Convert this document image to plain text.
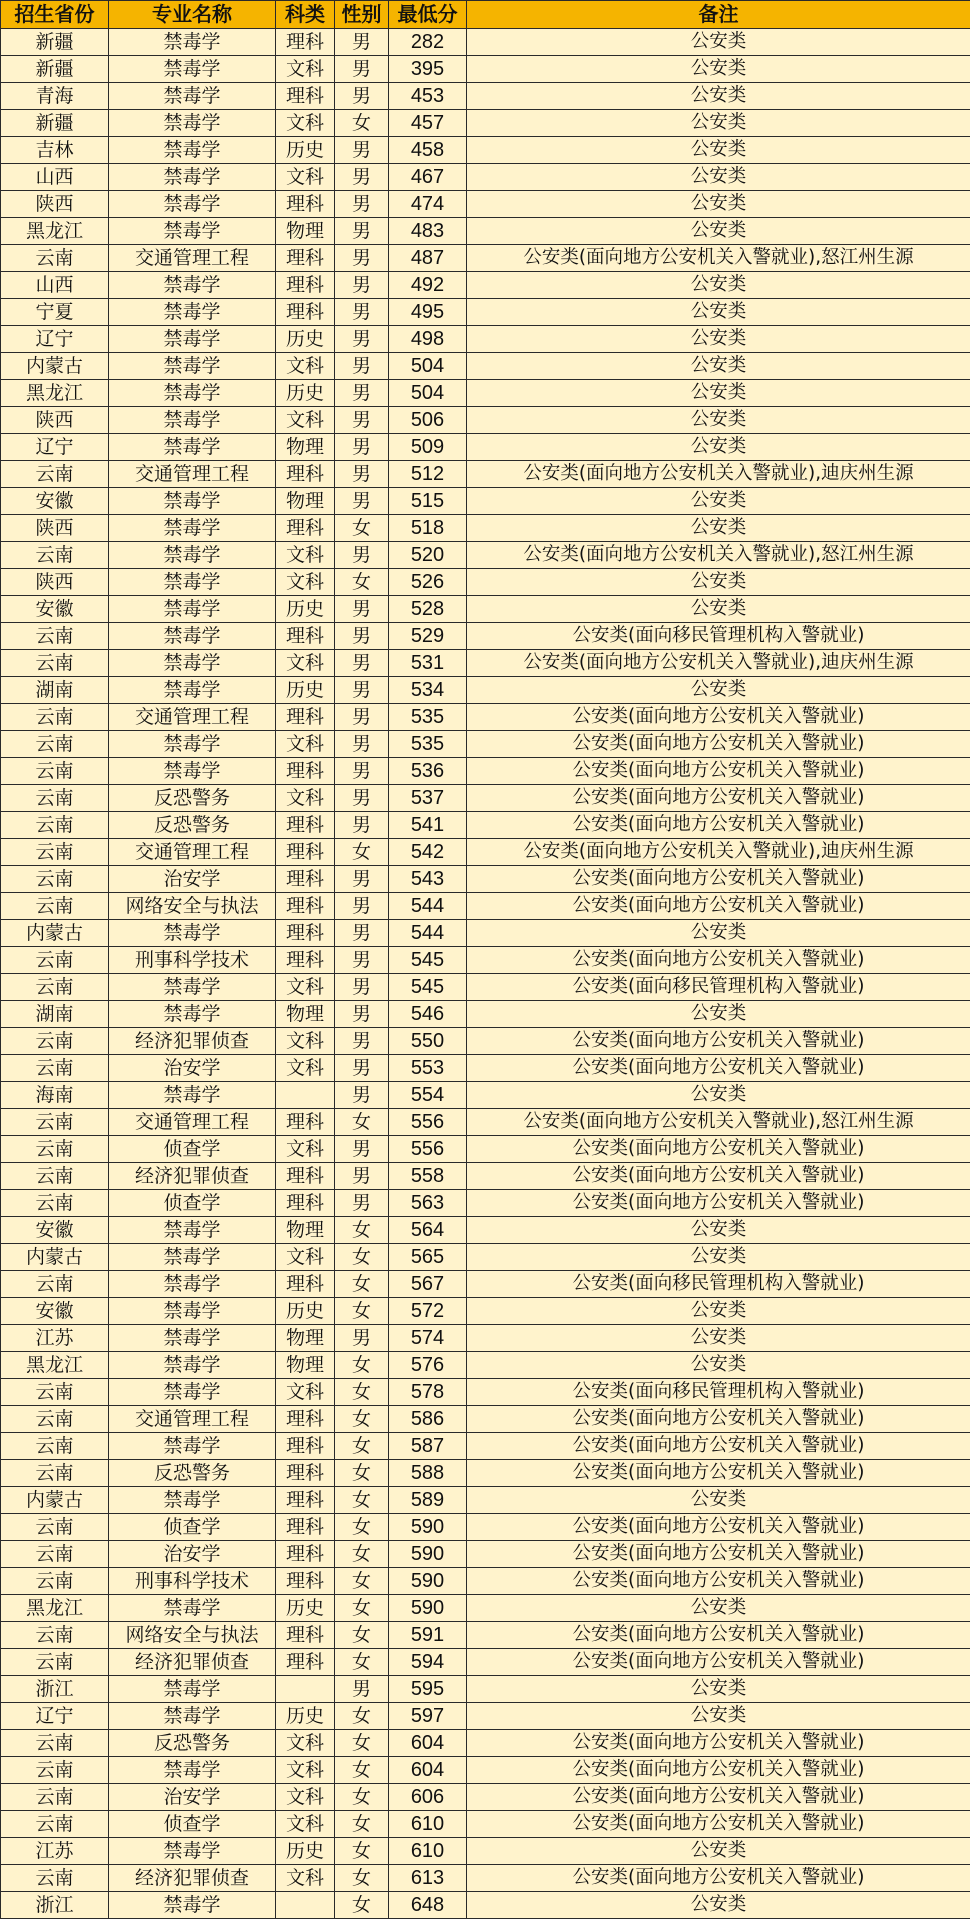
招生省份	专业名称	科类	性别	最低分	备注
新疆	禁毒学	理科	男	282	公安类
新疆	禁毒学	文科	男	395	公安类
青海	禁毒学	理科	男	453	公安类
新疆	禁毒学	文科	女	457	公安类
吉林	禁毒学	历史	男	458	公安类
山西	禁毒学	文科	男	467	公安类
陕西	禁毒学	理科	男	474	公安类
黑龙江	禁毒学	物理	男	483	公安类
云南	交通管理工程	理科	男	487	公安类(面向地方公安机关入警就业),怒江州生源
山西	禁毒学	理科	男	492	公安类
宁夏	禁毒学	理科	男	495	公安类
辽宁	禁毒学	历史	男	498	公安类
内蒙古	禁毒学	文科	男	504	公安类
黑龙江	禁毒学	历史	男	504	公安类
陕西	禁毒学	文科	男	506	公安类
辽宁	禁毒学	物理	男	509	公安类
云南	交通管理工程	理科	男	512	公安类(面向地方公安机关入警就业),迪庆州生源
安徽	禁毒学	物理	男	515	公安类
陕西	禁毒学	理科	女	518	公安类
云南	禁毒学	文科	男	520	公安类(面向地方公安机关入警就业),怒江州生源
陕西	禁毒学	文科	女	526	公安类
安徽	禁毒学	历史	男	528	公安类
云南	禁毒学	理科	男	529	公安类(面向移民管理机构入警就业)
云南	禁毒学	文科	男	531	公安类(面向地方公安机关入警就业),迪庆州生源
湖南	禁毒学	历史	男	534	公安类
云南	交通管理工程	理科	男	535	公安类(面向地方公安机关入警就业)
云南	禁毒学	文科	男	535	公安类(面向地方公安机关入警就业)
云南	禁毒学	理科	男	536	公安类(面向地方公安机关入警就业)
云南	反恐警务	文科	男	537	公安类(面向地方公安机关入警就业)
云南	反恐警务	理科	男	541	公安类(面向地方公安机关入警就业)
云南	交通管理工程	理科	女	542	公安类(面向地方公安机关入警就业),迪庆州生源
云南	治安学	理科	男	543	公安类(面向地方公安机关入警就业)
云南	网络安全与执法	理科	男	544	公安类(面向地方公安机关入警就业)
内蒙古	禁毒学	理科	男	544	公安类
云南	刑事科学技术	理科	男	545	公安类(面向地方公安机关入警就业)
云南	禁毒学	文科	男	545	公安类(面向移民管理机构入警就业)
湖南	禁毒学	物理	男	546	公安类
云南	经济犯罪侦查	文科	男	550	公安类(面向地方公安机关入警就业)
云南	治安学	文科	男	553	公安类(面向地方公安机关入警就业)
海南	禁毒学		男	554	公安类
云南	交通管理工程	理科	女	556	公安类(面向地方公安机关入警就业),怒江州生源
云南	侦查学	文科	男	556	公安类(面向地方公安机关入警就业)
云南	经济犯罪侦查	理科	男	558	公安类(面向地方公安机关入警就业)
云南	侦查学	理科	男	563	公安类(面向地方公安机关入警就业)
安徽	禁毒学	物理	女	564	公安类
内蒙古	禁毒学	文科	女	565	公安类
云南	禁毒学	理科	女	567	公安类(面向移民管理机构入警就业)
安徽	禁毒学	历史	女	572	公安类
江苏	禁毒学	物理	男	574	公安类
黑龙江	禁毒学	物理	女	576	公安类
云南	禁毒学	文科	女	578	公安类(面向移民管理机构入警就业)
云南	交通管理工程	理科	女	586	公安类(面向地方公安机关入警就业)
云南	禁毒学	理科	女	587	公安类(面向地方公安机关入警就业)
云南	反恐警务	理科	女	588	公安类(面向地方公安机关入警就业)
内蒙古	禁毒学	理科	女	589	公安类
云南	侦查学	理科	女	590	公安类(面向地方公安机关入警就业)
云南	治安学	理科	女	590	公安类(面向地方公安机关入警就业)
云南	刑事科学技术	理科	女	590	公安类(面向地方公安机关入警就业)
黑龙江	禁毒学	历史	女	590	公安类
云南	网络安全与执法	理科	女	591	公安类(面向地方公安机关入警就业)
云南	经济犯罪侦查	理科	女	594	公安类(面向地方公安机关入警就业)
浙江	禁毒学		男	595	公安类
辽宁	禁毒学	历史	女	597	公安类
云南	反恐警务	文科	女	604	公安类(面向地方公安机关入警就业)
云南	禁毒学	文科	女	604	公安类(面向地方公安机关入警就业)
云南	治安学	文科	女	606	公安类(面向地方公安机关入警就业)
云南	侦查学	文科	女	610	公安类(面向地方公安机关入警就业)
江苏	禁毒学	历史	女	610	公安类
云南	经济犯罪侦查	文科	女	613	公安类(面向地方公安机关入警就业)
浙江	禁毒学		女	648	公安类
